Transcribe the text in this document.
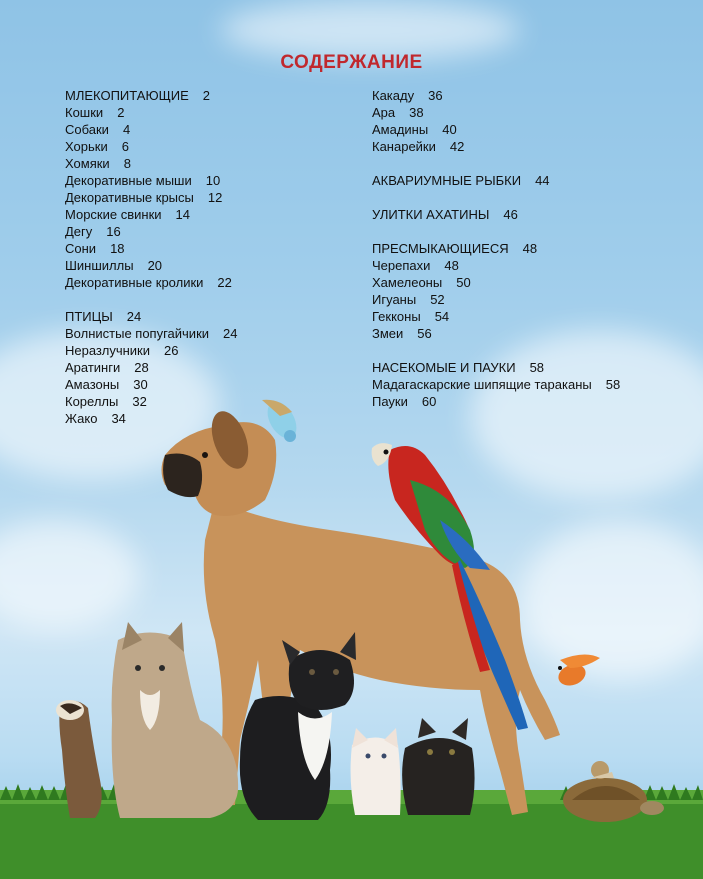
СОДЕРЖАНИЕ
МЛЕКОПИТАЮЩИЕ 2
Кошки 2
Собаки 4
Хорьки 6
Хомяки 8
Декоративные мыши 10
Декоративные крысы 12
Морские свинки 14
Дегу 16
Сони 18
Шиншиллы 20
Декоративные кролики 22
ПТИЦЫ 24
Волнистые попугайчики 24
Неразлучники 26
Аратинги 28
Амазоны 30
Кореллы 32
Жако 34
Какаду 36
Ара 38
Амадины 40
Канарейки 42
АКВАРИУМНЫЕ РЫБКИ 44
УЛИТКИ АХАТИНЫ 46
ПРЕСМЫКАЮЩИЕСЯ 48
Черепахи 48
Хамелеоны 50
Игуаны 52
Гекконы 54
Змеи 56
НАСЕКОМЫЕ И ПАУКИ 58
Мадагаскарские шипящие тараканы 58
Пауки 60
